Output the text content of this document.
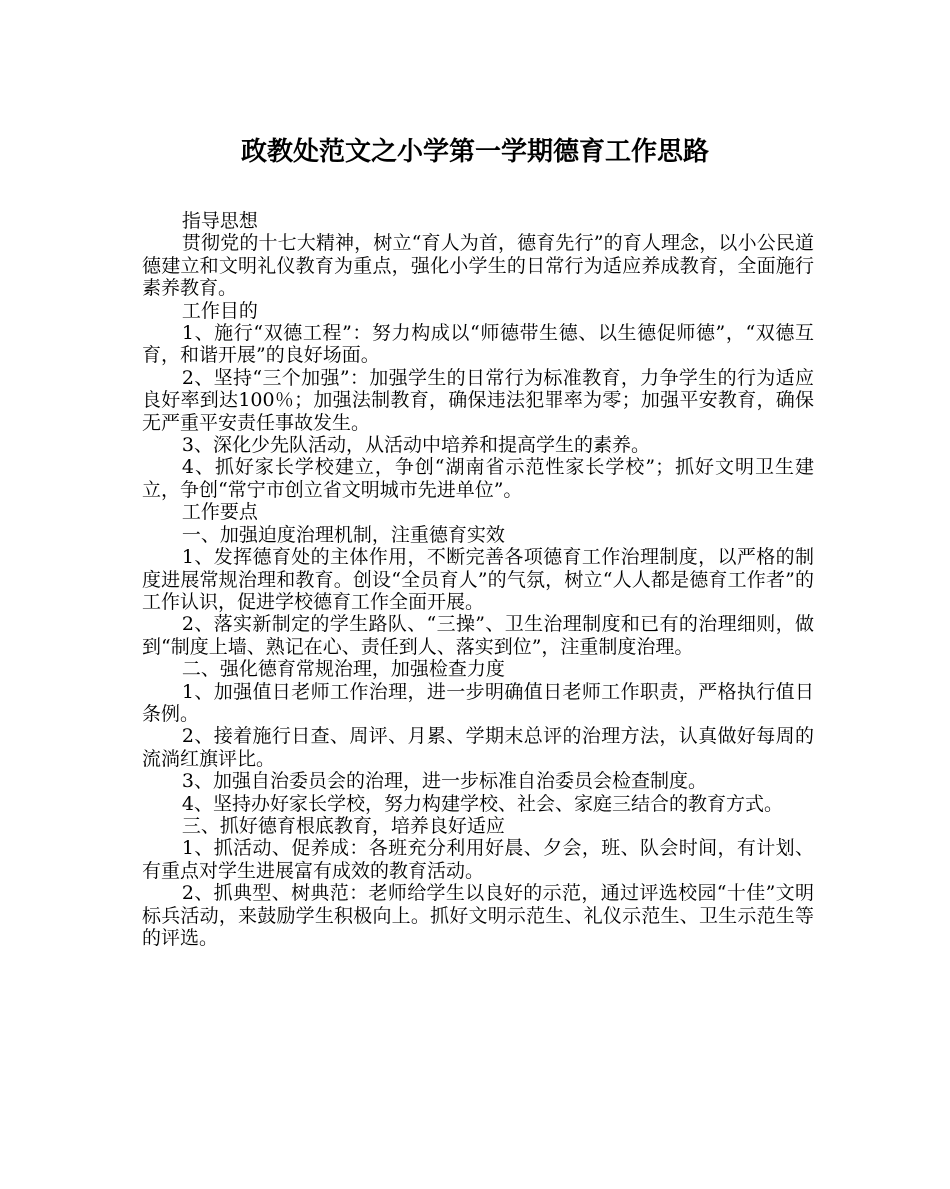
政教处范文之小学第一学期德育工作思路

指导思想

贯彻党的十七大精神，树立“育人为首，德育先行”的育人理念，以小公民道德建立和文明礼仪教育为重点，强化小学生的日常行为适应养成教育，全面施行素养教育。

工作目的

1、施行“双德工程”：努力构成以“师德带生德、以生德促师德”，“双德互育，和谐开展”的良好场面。

2、坚持“三个加强”：加强学生的日常行为标准教育，力争学生的行为适应良好率到达100％；加强法制教育，确保违法犯罪率为零；加强平安教育，确保无严重平安责任事故发生。

3、深化少先队活动，从活动中培养和提高学生的素养。

4、抓好家长学校建立，争创“湖南省示范性家长学校”；抓好文明卫生建立，争创“常宁市创立省文明城市先进单位”。

工作要点

一、加强迫度治理机制，注重德育实效

1、发挥德育处的主体作用，不断完善各项德育工作治理制度，以严格的制度进展常规治理和教育。创设“全员育人”的气氛，树立“人人都是德育工作者”的工作认识，促进学校德育工作全面开展。

2、落实新制定的学生路队、“三操”、卫生治理制度和已有的治理细则，做到“制度上墙、熟记在心、责任到人、落实到位”，注重制度治理。

二、强化德育常规治理，加强检查力度

1、加强值日老师工作治理，进一步明确值日老师工作职责，严格执行值日条例。

2、接着施行日查、周评、月累、学期末总评的治理方法，认真做好每周的流淌红旗评比。

3、加强自治委员会的治理，进一步标准自治委员会检查制度。

4、坚持办好家长学校，努力构建学校、社会、家庭三结合的教育方式。

三、抓好德育根底教育，培养良好适应

1、抓活动、促养成：各班充分利用好晨、夕会，班、队会时间，有计划、有重点对学生进展富有成效的教育活动。

2、抓典型、树典范：老师给学生以良好的示范，通过评选校园“十佳”文明标兵活动，来鼓励学生积极向上。抓好文明示范生、礼仪示范生、卫生示范生等的评选。
